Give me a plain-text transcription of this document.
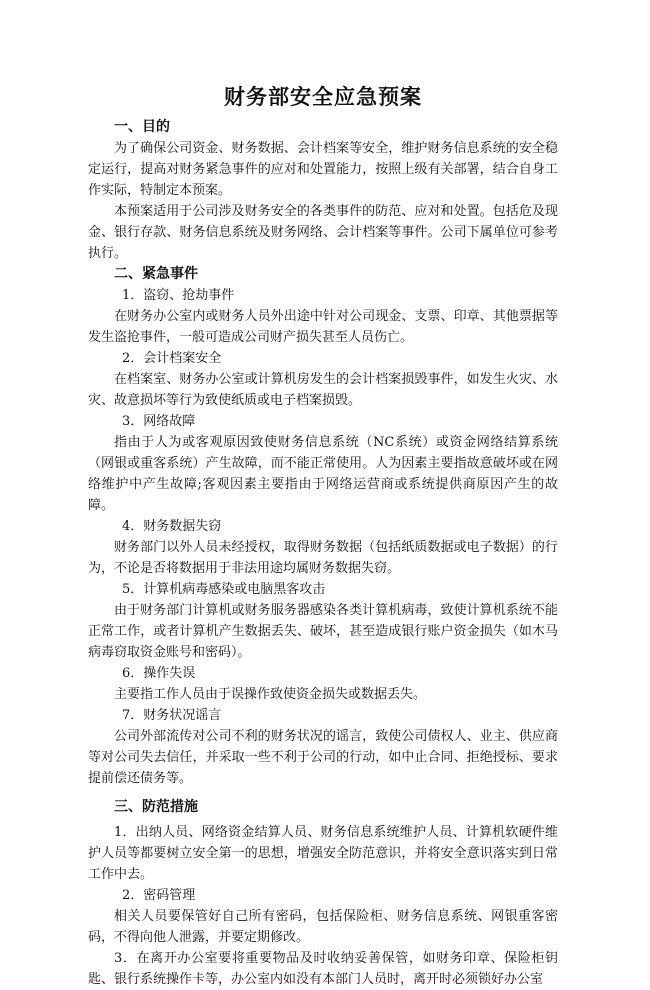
财务部安全应急预案
一、目的

为了确保公司资金、财务数据、会计档案等安全，维护财务信息系统的安全稳定运行，提高对财务紧急事件的应对和处置能力，按照上级有关部署，结合自身工作实际，特制定本预案。

本预案适用于公司涉及财务安全的各类事件的防范、应对和处置。包括危及现金、银行存款、财务信息系统及财务网络、会计档案等事件。公司下属单位可参考执行。

二、紧急事件

1．盗窃、抢劫事件

在财务办公室内或财务人员外出途中针对公司现金、支票、印章、其他票据等发生盗抢事件，一般可造成公司财产损失甚至人员伤亡。

2．会计档案安全

在档案室、财务办公室或计算机房发生的会计档案损毁事件，如发生火灾、水灾、故意损坏等行为致使纸质或电子档案损毁。

3．网络故障

指由于人为或客观原因致使财务信息系统（NC系统）或资金网络结算系统（网银或重客系统）产生故障，而不能正常使用。人为因素主要指故意破坏或在网络维护中产生故障;客观因素主要指由于网络运营商或系统提供商原因产生的故障。

4．财务数据失窃

财务部门以外人员未经授权，取得财务数据（包括纸质数据或电子数据）的行为，不论是否将数据用于非法用途均属财务数据失窃。

5．计算机病毒感染或电脑黑客攻击

由于财务部门计算机或财务服务器感染各类计算机病毒，致使计算机系统不能正常工作，或者计算机产生数据丢失、破坏，甚至造成银行账户资金损失（如木马病毒窃取资金账号和密码）。

6．操作失误

主要指工作人员由于误操作致使资金损失或数据丢失。

7．财务状况谣言

公司外部流传对公司不利的财务状况的谣言，致使公司债权人、业主、供应商等对公司失去信任，并采取一些不利于公司的行动，如中止合同、拒绝授标、要求提前偿还债务等。

三、防范措施

1．出纳人员、网络资金结算人员、财务信息系统维护人员、计算机软硬件维护人员等都要树立安全第一的思想，增强安全防范意识，并将安全意识落实到日常工作中去。

2．密码管理

相关人员要保管好自己所有密码，包括保险柜、财务信息系统、网银重客密码，不得向他人泄露，并要定期修改。

3．在离开办公室要将重要物品及时收纳妥善保管，如财务印章、保险柜钥匙、银行系统操作卡等，办公室内如没有本部门人员时，离开时必须锁好办公室
